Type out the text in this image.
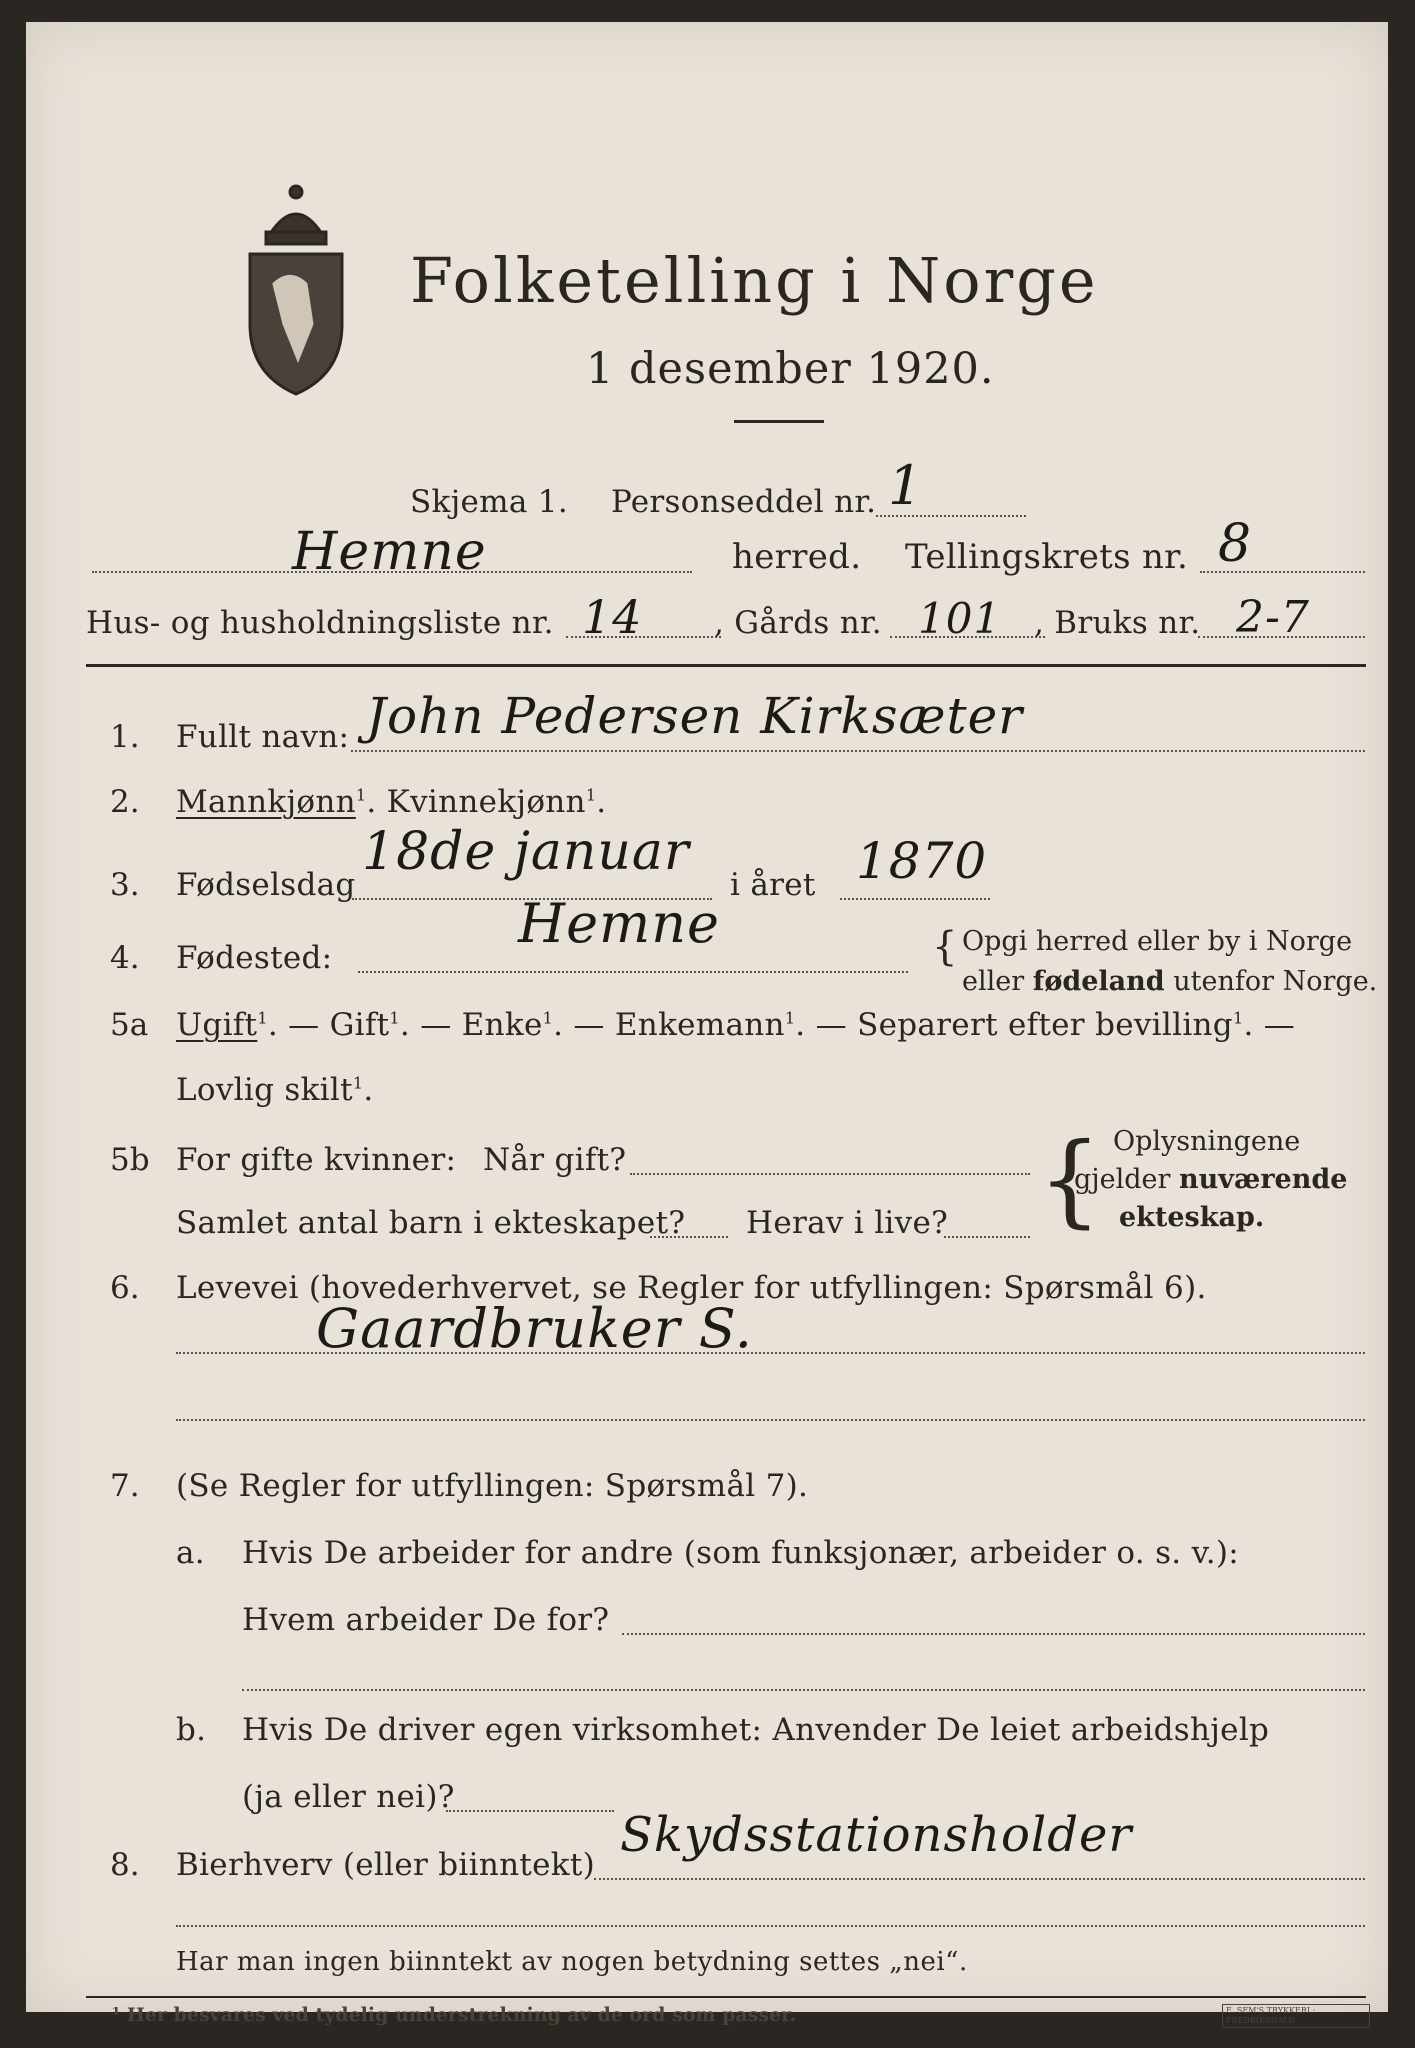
Folketelling i Norge
1 desember 1920.
Skjema 1. Personseddel nr. 1
Hemne	herred. Tellingskrets nr. 8
Hus- og husholdningsliste nr. 14 , Gårds nr. 101 , Bruks nr. 2-7
1. Fullt navn: John Pedersen Kirksæter
2. Mannkjønn$^1$. Kvinnekjønn$^1$.
3. Fødselsdag
18de januar
i året 1870
4. Fødested:
Hemne	{ Opgi herred eller by i Norge
eller fødeland utenfor Norge.
5a Ugift$^1$. — Gift$^1$. — Enke$^1$. — Enkemann$^1$. — Separert efter bevilling$^1$. —
Lovlig skilt$^1$.
5b For gifte kvinner: Når gift?
Samlet antal barn i ekteskapet? Herav i live? { Oplysningene
gjelder nuværende
ekteskap.
6. Levevei (hovederhvervet, se Regler for utfyllingen: Spørsmål 6).
Gaardbruker S.
7. (Se Regler for utfyllingen: Spørsmål 7).
a. Hvis De arbeider for andre (som funksjonær, arbeider o. s. v.):
Hvem arbeider De for?
b. Hvis De driver egen virksomhet: Anvender De leiet arbeidshjelp
(ja eller nei)?
8. Bierhverv (eller biinntekt)
Skydsstationsholder
Har man ingen biinntekt av nogen betydning settes „nei“.
¹ Her besvares ved tydelig understrekning av de ord som passer.	E. SEM'S TRYKKERI · FREDRIKSHALD
